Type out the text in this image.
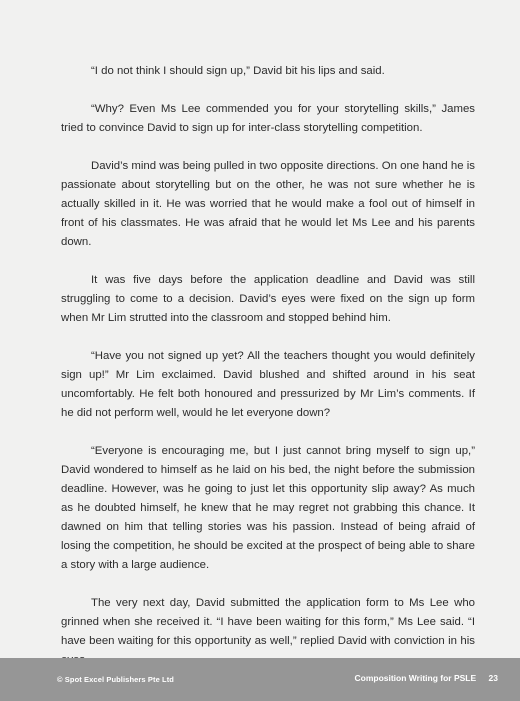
“I do not think I should sign up,” David bit his lips and said.

“Why? Even Ms Lee commended you for your storytelling skills,” James tried to convince David to sign up for inter-class storytelling competition.

David’s mind was being pulled in two opposite directions. On one hand he is passionate about storytelling but on the other, he was not sure whether he is actually skilled in it. He was worried that he would make a fool out of himself in front of his classmates. He was afraid that he would let Ms Lee and his parents down.

It was five days before the application deadline and David was still struggling to come to a decision. David’s eyes were fixed on the sign up form when Mr Lim strutted into the classroom and stopped behind him.

“Have you not signed up yet? All the teachers thought you would definitely sign up!” Mr Lim exclaimed. David blushed and shifted around in his seat uncomfortably. He felt both honoured and pressurized by Mr Lim’s comments. If he did not perform well, would he let everyone down?

“Everyone is encouraging me, but I just cannot bring myself to sign up,” David wondered to himself as he laid on his bed, the night before the submission deadline. However, was he going to just let this opportunity slip away? As much as he doubted himself, he knew that he may regret not grabbing this chance. It dawned on him that telling stories was his passion. Instead of being afraid of losing the competition, he should be excited at the prospect of being able to share a story with a large audience.

The very next day, David submitted the application form to Ms Lee who grinned when she received it. “I have been waiting for this form,” Ms Lee said. “I have been waiting for this opportunity as well,” replied David with conviction in his

© Spot Excel Publishers Pte Ltd	Composition Writing for PSLE 23
